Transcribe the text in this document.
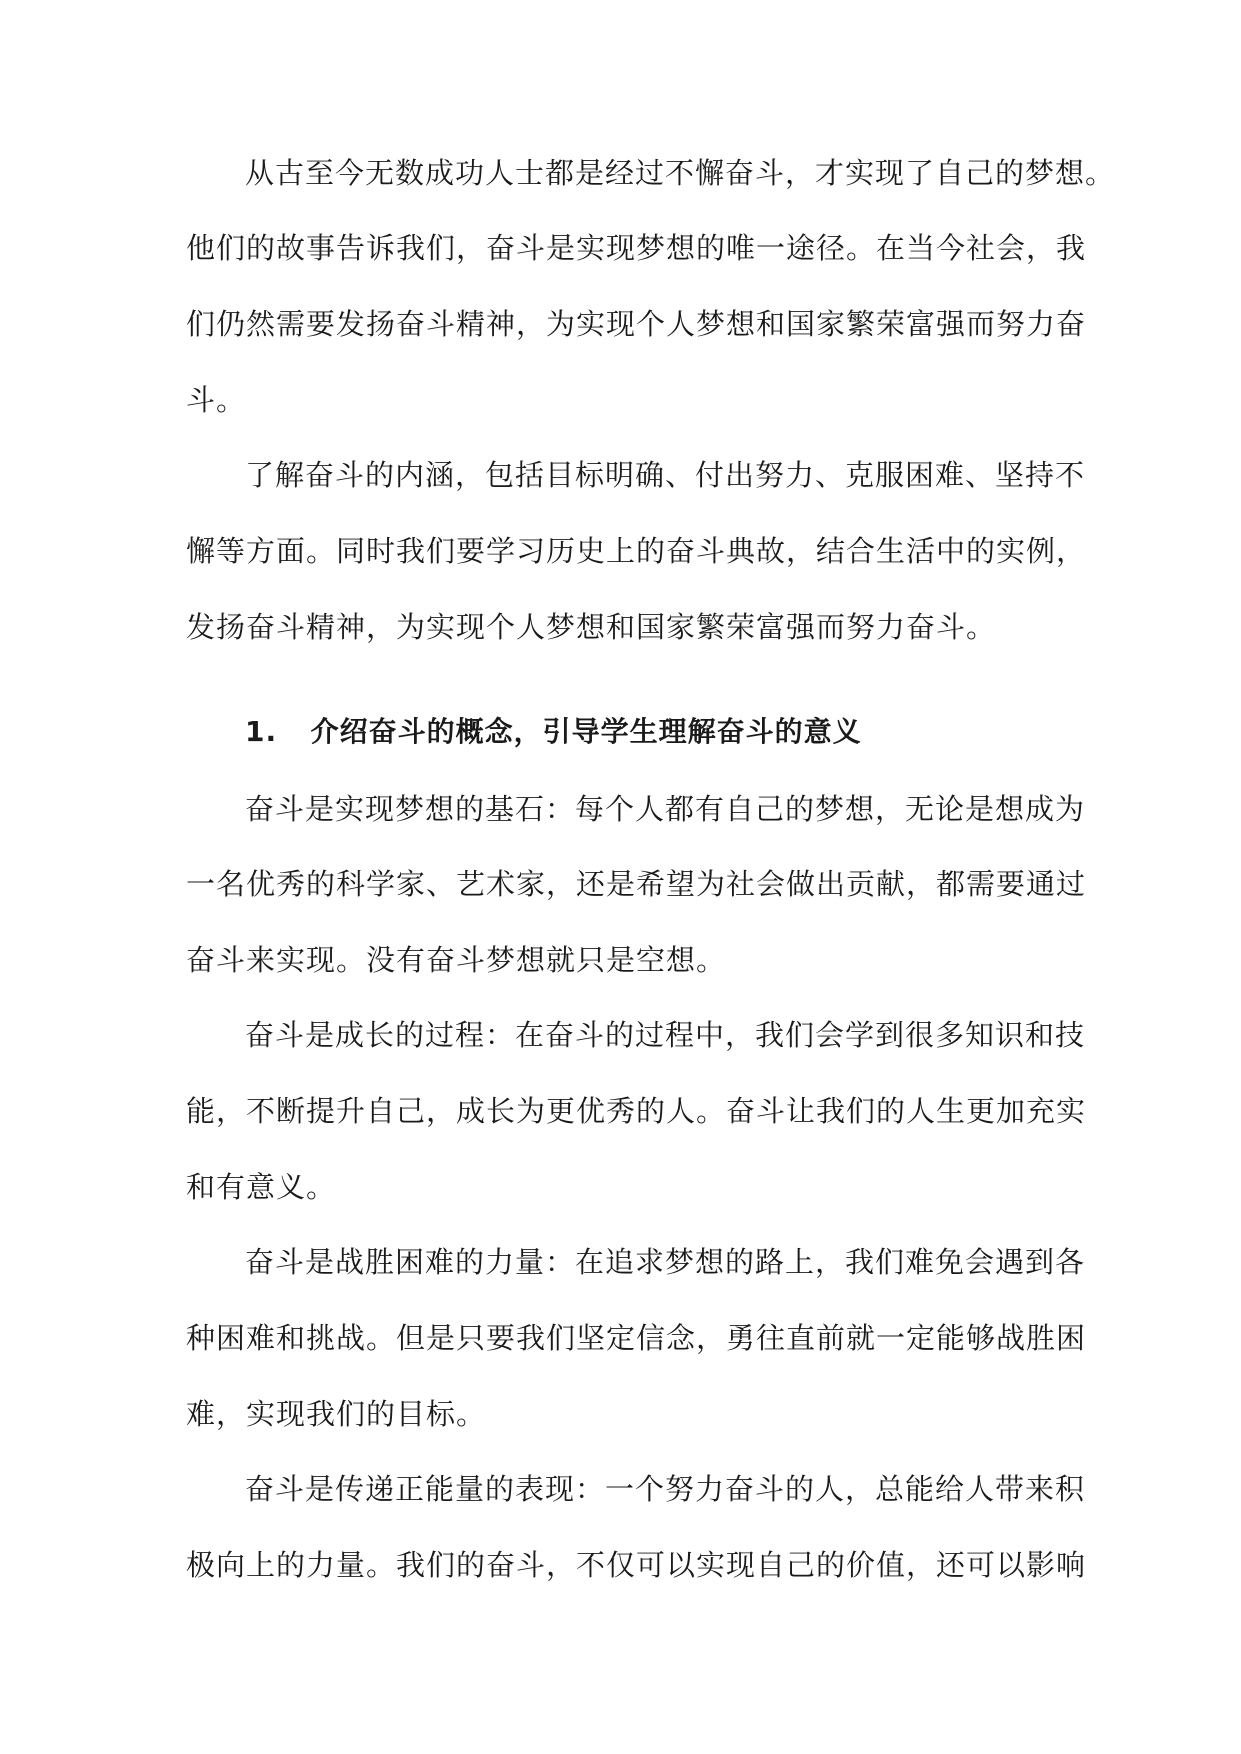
从古至今无数成功人士都是经过不懈奋斗，才实现了自己的梦想。
他们的故事告诉我们，奋斗是实现梦想的唯一途径。在当今社会，我
们仍然需要发扬奋斗精神，为实现个人梦想和国家繁荣富强而努力奋
斗。
了解奋斗的内涵，包括目标明确、付出努力、克服困难、坚持不
懈等方面。同时我们要学习历史上的奋斗典故，结合生活中的实例，
发扬奋斗精神，为实现个人梦想和国家繁荣富强而努力奋斗。
1. 介绍奋斗的概念，引导学生理解奋斗的意义
奋斗是实现梦想的基石：每个人都有自己的梦想，无论是想成为
一名优秀的科学家、艺术家，还是希望为社会做出贡献，都需要通过
奋斗来实现。没有奋斗梦想就只是空想。
奋斗是成长的过程：在奋斗的过程中，我们会学到很多知识和技
能，不断提升自己，成长为更优秀的人。奋斗让我们的人生更加充实
和有意义。
奋斗是战胜困难的力量：在追求梦想的路上，我们难免会遇到各
种困难和挑战。但是只要我们坚定信念，勇往直前就一定能够战胜困
难，实现我们的目标。
奋斗是传递正能量的表现：一个努力奋斗的人，总能给人带来积
极向上的力量。我们的奋斗，不仅可以实现自己的价值，还可以影响
